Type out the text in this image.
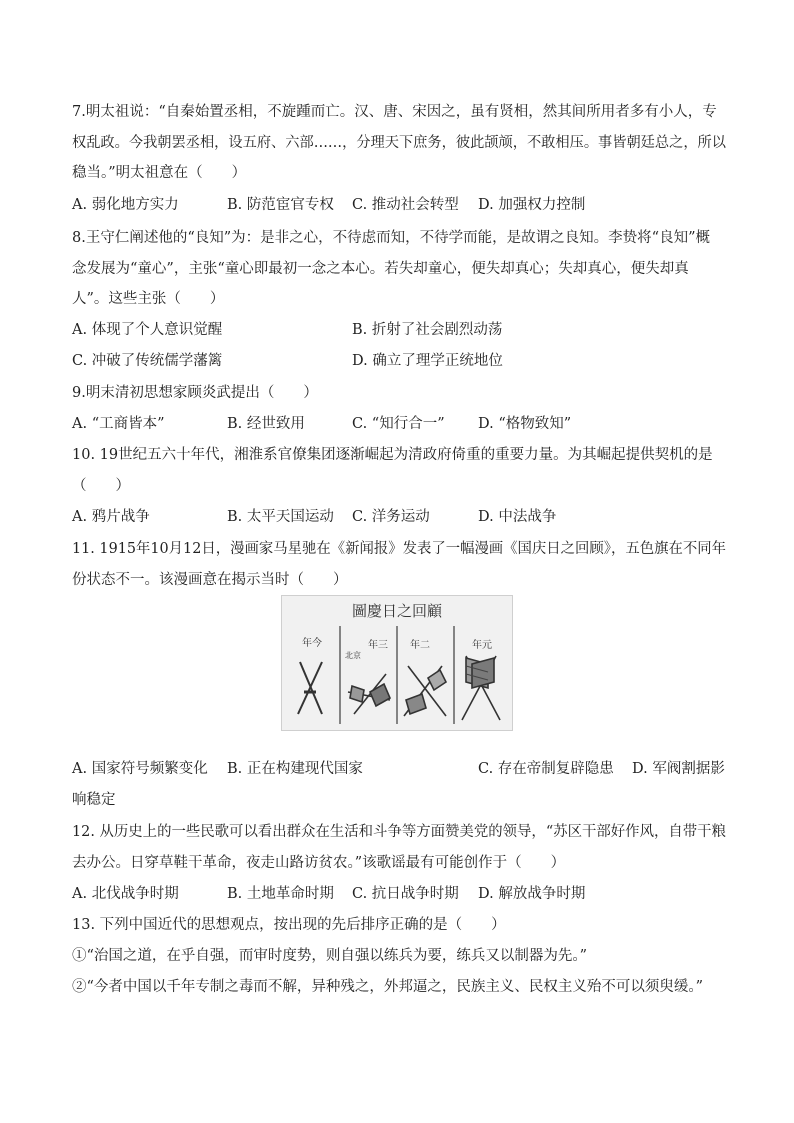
7.明太祖说：“自秦始置丞相，不旋踵而亡。汉、唐、宋因之，虽有贤相，然其间所用者多有小人，专
权乱政。今我朝罢丞相，设五府、六部……，分理天下庶务，彼此颉颃，不敢相压。事皆朝廷总之，所以
稳当。”明太祖意在（　　）
A. 弱化地方实力	B. 防范宦官专权 C. 推动社会转型 D. 加强权力控制
8.王守仁阐述他的“良知”为：是非之心，不待虑而知，不待学而能，是故谓之良知。李贽将“良知”概
念发展为“童心”，主张“童心即最初一念之本心。若失却童心，便失却真心；失却真心，便失却真
人”。这些主张（　　）
A. 体现了个人意识觉醒	B. 折射了社会剧烈动荡
C. 冲破了传统儒学藩篱	D. 确立了理学正统地位
9.明末清初思想家顾炎武提出（　　）
A. “工商皆本”	B. 经世致用	C. “知行合一” D. “格物致知”
10. 19世纪五六十年代，湘淮系官僚集团逐渐崛起为清政府倚重的重要力量。为其崛起提供契机的是
（　　）
A. 鸦片战争	B. 太平天国运动 C. 洋务运动	D. 中法战争
11. 1915年10月12日，漫画家马星驰在《新闻报》发表了一幅漫画《国庆日之回顾》，五色旗在不同年
份状态不一。该漫画意在揭示当时（　　）
圖慶日之回顧
年今	年三 年二	年元
北京
A. 国家符号频繁变化 B. 正在构建现代国家	C. 存在帝制复辟隐患 D. 军阀割据影
响稳定
12. 从历史上的一些民歌可以看出群众在生活和斗争等方面赞美党的领导，“苏区干部好作风，自带干粮
去办公。日穿草鞋干革命，夜走山路访贫农。”该歌谣最有可能创作于（　　）
A. 北伐战争时期	B. 土地革命时期 C. 抗日战争时期 D. 解放战争时期
13. 下列中国近代的思想观点，按出现的先后排序正确的是（　　）
①“治国之道，在乎自强，而审时度势，则自强以练兵为要，练兵又以制器为先。”
②“今者中国以千年专制之毒而不解，异种残之，外邦逼之，民族主义、民权主义殆不可以须臾缓。”
